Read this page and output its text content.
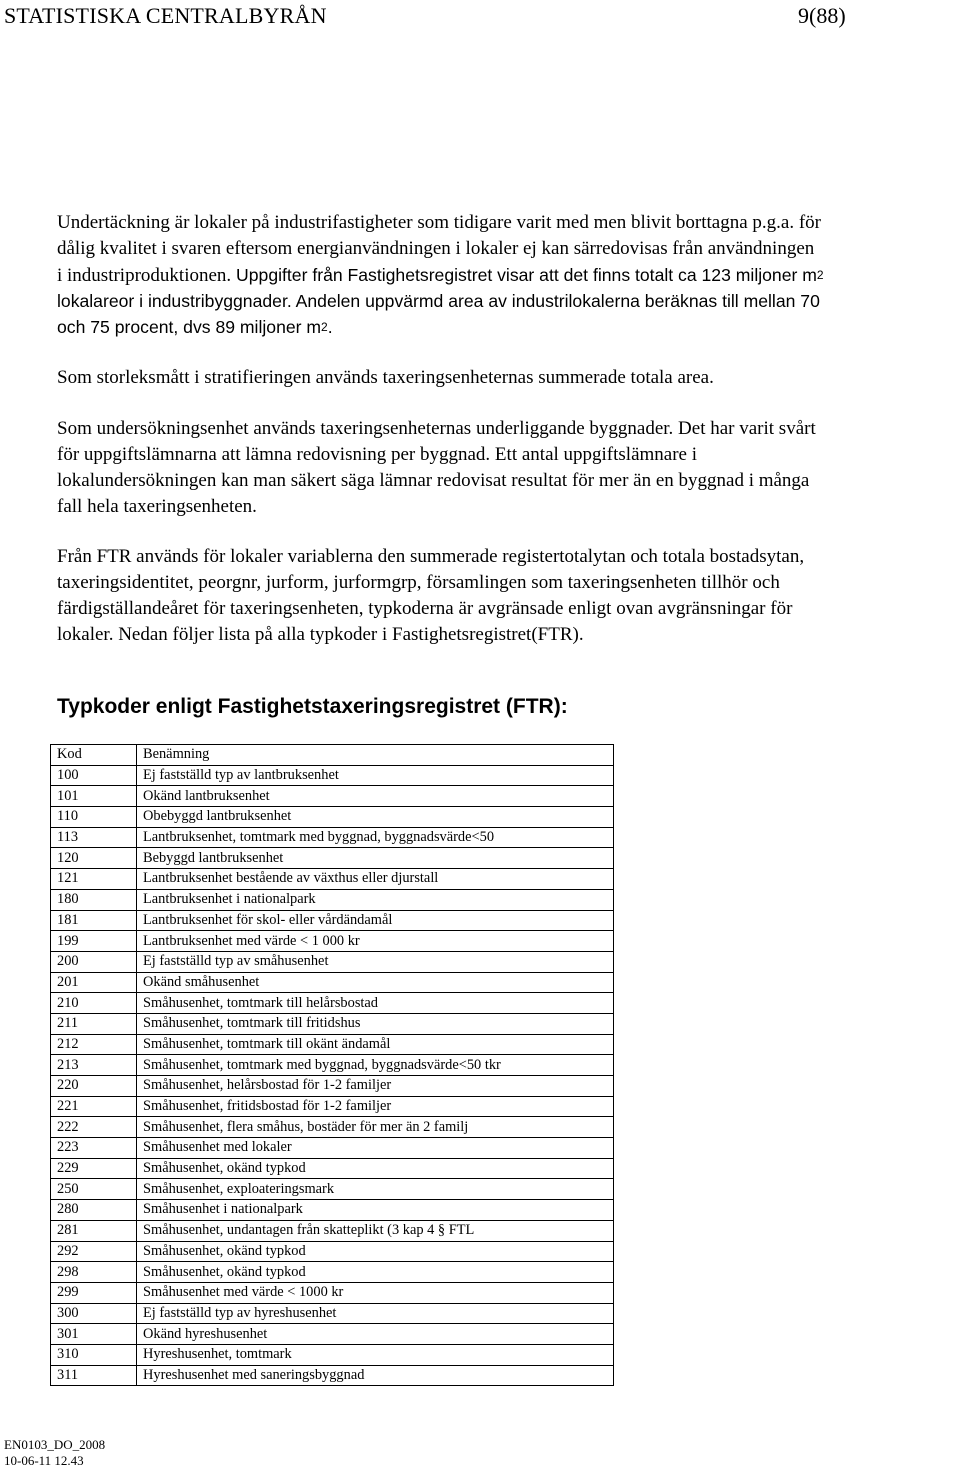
STATISTISKA CENTRALBYRÅN	9(88)
Undertäckning är lokaler på industrifastigheter som tidigare varit med men blivit borttagna p.g.a. för
dålig kvalitet i svaren eftersom energianvändningen i lokaler ej kan särredovisas från användningen
i industriproduktionen. Uppgifter från Fastighetsregistret visar att det finns totalt ca 123 miljoner $m^2$
lokalareor i industribyggnader. Andelen uppvärmd area av industrilokalerna beräknas till mellan 70
och 75 procent, dvs 89 miljoner $m^2$.
Som storleksmått i stratifieringen används taxeringsenheternas summerade totala area.
Som undersökningsenhet används taxeringsenheternas underliggande byggnader. Det har varit svårt
för uppgiftslämnarna att lämna redovisning per byggnad. Ett antal uppgiftslämnare i
lokalundersökningen kan man säkert säga lämnar redovisat resultat för mer än en byggnad i många
fall hela taxeringsenheten.
Från FTR används för lokaler variablerna den summerade registertotalytan och totala bostadsytan,
taxeringsidentitet, peorgnr, jurform, jurformgrp, församlingen som taxeringsenheten tillhör och
färdigställandeåret för taxeringsenheten, typkoderna är avgränsade enligt ovan avgränsningar för
lokaler. Nedan följer lista på alla typkoder i Fastighetsregistret(FTR).
Typkoder enligt Fastighetstaxeringsregistret (FTR):
Kod	Benämning
100	Ej fastställd typ av lantbruksenhet
101	Okänd lantbruksenhet
110	Obebyggd lantbruksenhet
113	Lantbruksenhet, tomtmark med byggnad, byggnadsvärde<50
120	Bebyggd lantbruksenhet
121	Lantbruksenhet bestående av växthus eller djurstall
180	Lantbruksenhet i nationalpark
181	Lantbruksenhet för skol- eller vårdändamål
199	Lantbruksenhet med värde < 1 000 kr
200	Ej fastställd typ av småhusenhet
201	Okänd småhusenhet
210	Småhusenhet, tomtmark till helårsbostad
211	Småhusenhet, tomtmark till fritidshus
212	Småhusenhet, tomtmark till okänt ändamål
213	Småhusenhet, tomtmark med byggnad, byggnadsvärde<50 tkr
220	Småhusenhet, helårsbostad för 1-2 familjer
221	Småhusenhet, fritidsbostad för 1-2 familjer
222	Småhusenhet, flera småhus, bostäder för mer än 2 familj
223	Småhusenhet med lokaler
229	Småhusenhet, okänd typkod
250	Småhusenhet, exploateringsmark
280	Småhusenhet i nationalpark
281	Småhusenhet, undantagen från skatteplikt (3 kap 4 § FTL
292	Småhusenhet, okänd typkod
298	Småhusenhet, okänd typkod
299	Småhusenhet med värde < 1000 kr
300	Ej fastställd typ av hyreshusenhet
301	Okänd hyreshusenhet
310	Hyreshusenhet, tomtmark
311	Hyreshusenhet med saneringsbyggnad
EN0103_DO_2008
10-06-11 12.43
